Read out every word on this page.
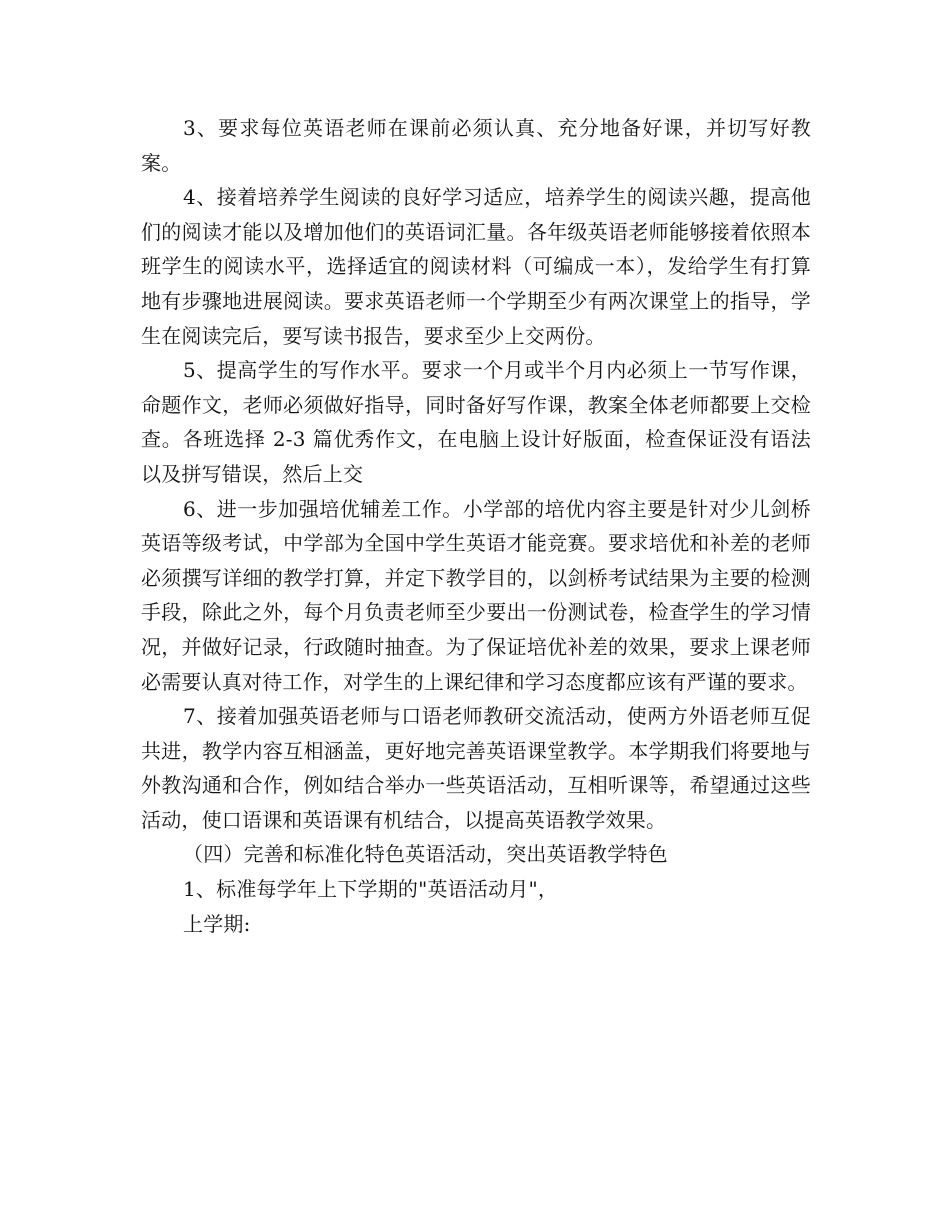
3、要求每位英语老师在课前必须认真、充分地备好课，并切写好教案。

4、接着培养学生阅读的良好学习适应，培养学生的阅读兴趣，提高他们的阅读才能以及增加他们的英语词汇量。各年级英语老师能够接着依照本班学生的阅读水平，选择适宜的阅读材料（可编成一本），发给学生有打算地有步骤地进展阅读。要求英语老师一个学期至少有两次课堂上的指导，学生在阅读完后，要写读书报告，要求至少上交两份。

5、提高学生的写作水平。要求一个月或半个月内必须上一节写作课，命题作文，老师必须做好指导，同时备好写作课，教案全体老师都要上交检查。各班选择 2-3 篇优秀作文，在电脑上设计好版面，检查保证没有语法以及拼写错误，然后上交

6、进一步加强培优辅差工作。小学部的培优内容主要是针对少儿剑桥英语等级考试，中学部为全国中学生英语才能竞赛。要求培优和补差的老师必须撰写详细的教学打算，并定下教学目的，以剑桥考试结果为主要的检测手段，除此之外，每个月负责老师至少要出一份测试卷，检查学生的学习情况，并做好记录，行政随时抽查。为了保证培优补差的效果，要求上课老师必需要认真对待工作，对学生的上课纪律和学习态度都应该有严谨的要求。

7、接着加强英语老师与口语老师教研交流活动，使两方外语老师互促共进，教学内容互相涵盖，更好地完善英语课堂教学。本学期我们将要地与外教沟通和合作，例如结合举办一些英语活动，互相听课等，希望通过这些活动，使口语课和英语课有机结合，以提高英语教学效果。

（四）完善和标准化特色英语活动，突出英语教学特色

1、标准每学年上下学期的"英语活动月"，

上学期:
